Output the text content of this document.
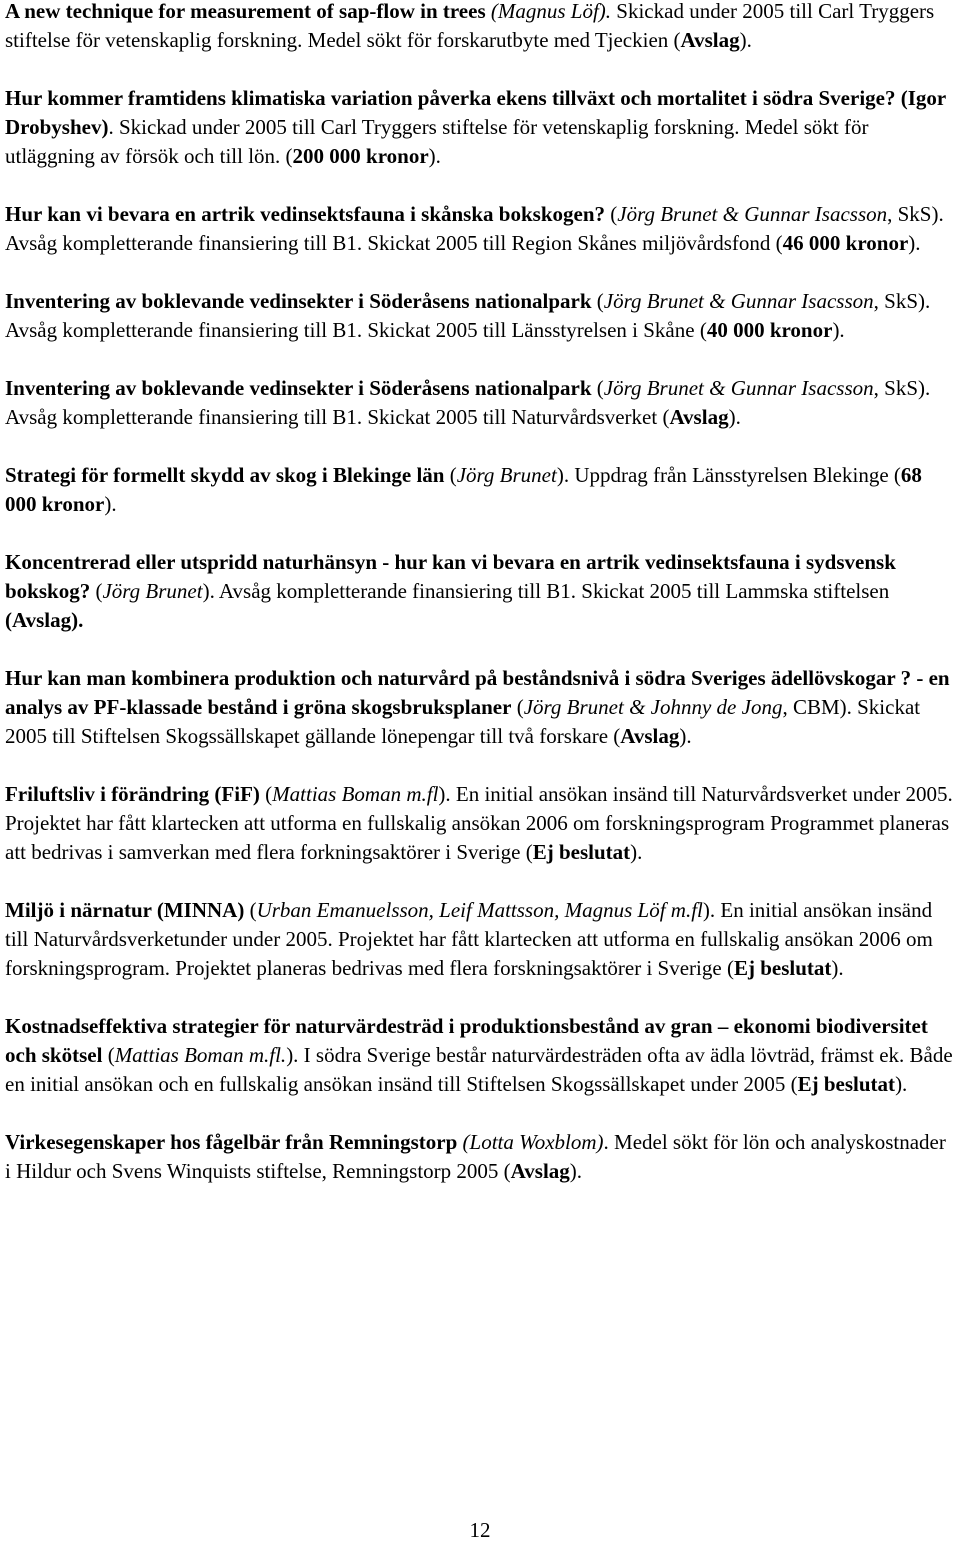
A new technique for measurement of sap-flow in trees (Magnus Löf). Skickad under 2005 till Carl Tryggers stiftelse för vetenskaplig forskning. Medel sökt för forskarutbyte med Tjeckien (Avslag).

Hur kommer framtidens klimatiska variation påverka ekens tillväxt och mortalitet i södra Sverige? (Igor Drobyshev). Skickad under 2005 till Carl Tryggers stiftelse för vetenskaplig forskning. Medel sökt för utläggning av försök och till lön. (200 000 kronor).

Hur kan vi bevara en artrik vedinsektsfauna i skånska bokskogen? (Jörg Brunet & Gunnar Isacsson, SkS). Avsåg kompletterande finansiering till B1. Skickat 2005 till Region Skånes miljövårdsfond (46 000 kronor).

Inventering av boklevande vedinsekter i Söderåsens nationalpark (Jörg Brunet & Gunnar Isacsson, SkS). Avsåg kompletterande finansiering till B1. Skickat 2005 till Länsstyrelsen i Skåne (40 000 kronor).

Inventering av boklevande vedinsekter i Söderåsens nationalpark (Jörg Brunet & Gunnar Isacsson, SkS). Avsåg kompletterande finansiering till B1. Skickat 2005 till Naturvårdsverket (Avslag).

Strategi för formellt skydd av skog i Blekinge län (Jörg Brunet). Uppdrag från Länsstyrelsen Blekinge (68 000 kronor).

Koncentrerad eller utspridd naturhänsyn - hur kan vi bevara en artrik vedinsektsfauna i sydsvensk bokskog? (Jörg Brunet). Avsåg kompletterande finansiering till B1. Skickat 2005 till Lammska stiftelsen (Avslag).

Hur kan man kombinera produktion och naturvård på beståndsnivå i södra Sveriges ädellövskogar ? - en analys av PF-klassade bestånd i gröna skogsbruksplaner (Jörg Brunet & Johnny de Jong, CBM). Skickat 2005 till Stiftelsen Skogssällskapet gällande lönepengar till två forskare (Avslag).

Friluftsliv i förändring (FiF) (Mattias Boman m.fl). En initial ansökan insänd till Naturvårdsverket under 2005. Projektet har fått klartecken att utforma en fullskalig ansökan 2006 om forskningsprogram Programmet planeras att bedrivas i samverkan med flera forkningsaktörer i Sverige (Ej beslutat).

Miljö i närnatur (MINNA) (Urban Emanuelsson, Leif Mattsson, Magnus Löf m.fl). En initial ansökan insänd till Naturvårdsverketunder under 2005. Projektet har fått klartecken att utforma en fullskalig ansökan 2006 om forskningsprogram. Projektet planeras bedrivas med flera forskningsaktörer i Sverige (Ej beslutat).

Kostnadseffektiva strategier för naturvärdesträd i produktionsbestånd av gran – ekonomi biodiversitet och skötsel (Mattias Boman m.fl.). I södra Sverige består naturvärdesträden ofta av ädla lövträd, främst ek. Både en initial ansökan och en fullskalig ansökan insänd till Stiftelsen Skogssällskapet under 2005 (Ej beslutat).

Virkesegenskaper hos fågelbär från Remningstorp (Lotta Woxblom). Medel sökt för lön och analyskostnader i Hildur och Svens Winquists stiftelse, Remningstorp 2005 (Avslag).

12
